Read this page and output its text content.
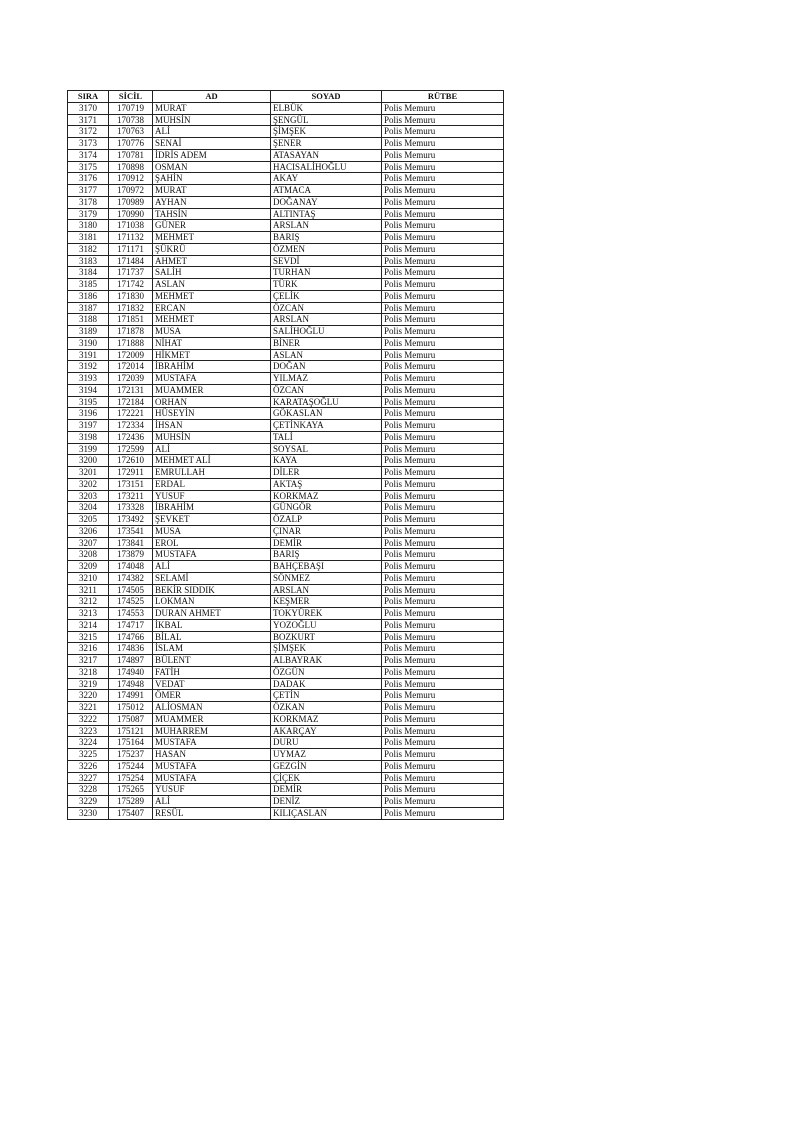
SIRA	SİCİL	AD	SOYAD	RÜTBE
3170	170719	MURAT	ELBÜK	Polis Memuru
3171	170738	MUHSİN	ŞENGÜL	Polis Memuru
3172	170763	ALİ	ŞİMŞEK	Polis Memuru
3173	170776	SENAİ	ŞENER	Polis Memuru
3174	170781	İDRİS ADEM	ATASAYAN	Polis Memuru
3175	170898	OSMAN	HACISALİHOĞLU	Polis Memuru
3176	170912	ŞAHİN	AKAY	Polis Memuru
3177	170972	MURAT	ATMACA	Polis Memuru
3178	170989	AYHAN	DOĞANAY	Polis Memuru
3179	170990	TAHSİN	ALTINTAŞ	Polis Memuru
3180	171038	GÜNER	ARSLAN	Polis Memuru
3181	171132	MEHMET	BARIŞ	Polis Memuru
3182	171171	ŞÜKRÜ	ÖZMEN	Polis Memuru
3183	171484	AHMET	SEVDİ	Polis Memuru
3184	171737	SALİH	TURHAN	Polis Memuru
3185	171742	ASLAN	TÜRK	Polis Memuru
3186	171830	MEHMET	ÇELİK	Polis Memuru
3187	171832	ERCAN	ÖZCAN	Polis Memuru
3188	171851	MEHMET	ARSLAN	Polis Memuru
3189	171878	MUSA	SALİHOĞLU	Polis Memuru
3190	171888	NİHAT	BİNER	Polis Memuru
3191	172009	HİKMET	ASLAN	Polis Memuru
3192	172014	İBRAHİM	DOĞAN	Polis Memuru
3193	172039	MUSTAFA	YILMAZ	Polis Memuru
3194	172131	MUAMMER	ÖZCAN	Polis Memuru
3195	172184	ORHAN	KARATAŞOĞLU	Polis Memuru
3196	172221	HÜSEYİN	GÖKASLAN	Polis Memuru
3197	172334	İHSAN	ÇETİNKAYA	Polis Memuru
3198	172436	MUHSİN	TALİ	Polis Memuru
3199	172599	ALİ	SOYSAL	Polis Memuru
3200	172610	MEHMET ALİ	KAYA	Polis Memuru
3201	172911	EMRULLAH	DİLER	Polis Memuru
3202	173151	ERDAL	AKTAŞ	Polis Memuru
3203	173211	YUSUF	KORKMAZ	Polis Memuru
3204	173328	İBRAHİM	GÜNGÖR	Polis Memuru
3205	173492	ŞEVKET	ÖZALP	Polis Memuru
3206	173541	MUSA	ÇINAR	Polis Memuru
3207	173841	EROL	DEMİR	Polis Memuru
3208	173879	MUSTAFA	BARIŞ	Polis Memuru
3209	174048	ALİ	BAHÇEBAŞI	Polis Memuru
3210	174382	SELAMİ	SÖNMEZ	Polis Memuru
3211	174505	BEKİR SIDDIK	ARSLAN	Polis Memuru
3212	174525	LOKMAN	KEŞMER	Polis Memuru
3213	174553	DURAN AHMET	TOKYÜREK	Polis Memuru
3214	174717	İKBAL	YOZOĞLU	Polis Memuru
3215	174766	BİLAL	BOZKURT	Polis Memuru
3216	174836	İSLAM	ŞİMŞEK	Polis Memuru
3217	174897	BÜLENT	ALBAYRAK	Polis Memuru
3218	174940	FATİH	ÖZGÜN	Polis Memuru
3219	174948	VEDAT	DADAK	Polis Memuru
3220	174991	ÖMER	ÇETİN	Polis Memuru
3221	175012	ALİOSMAN	ÖZKAN	Polis Memuru
3222	175087	MUAMMER	KORKMAZ	Polis Memuru
3223	175121	MUHARREM	AKARÇAY	Polis Memuru
3224	175164	MUSTAFA	DURU	Polis Memuru
3225	175237	HASAN	UYMAZ	Polis Memuru
3226	175244	MUSTAFA	GEZGİN	Polis Memuru
3227	175254	MUSTAFA	ÇİÇEK	Polis Memuru
3228	175265	YUSUF	DEMİR	Polis Memuru
3229	175289	ALİ	DENİZ	Polis Memuru
3230	175407	RESÜL	KILIÇASLAN	Polis Memuru
